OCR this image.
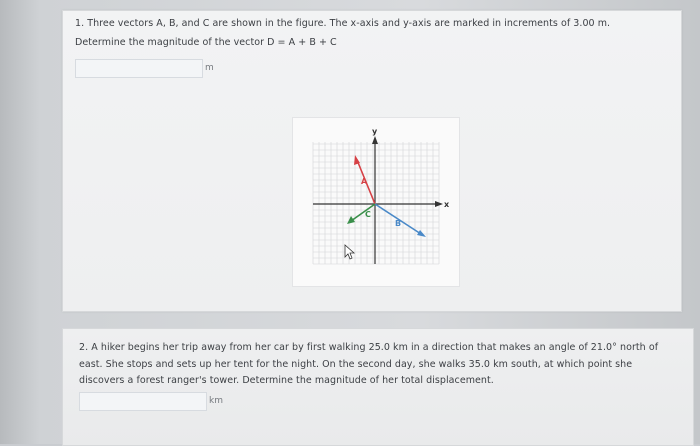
1. Three vectors A, B, and C are shown in the figure. The x-axis and y-axis are marked in increments of 3.00 m.
Determine the magnitude of the vector D = A + B + C
m
x
y
A
B
C
2. A hiker begins her trip away from her car by first walking 25.0 km in a direction that makes an angle of 21.0° north of
east. She stops and sets up her tent for the night. On the second day, she walks 35.0 km south, at which point she
discovers a forest ranger's tower. Determine the magnitude of her total displacement.
km
